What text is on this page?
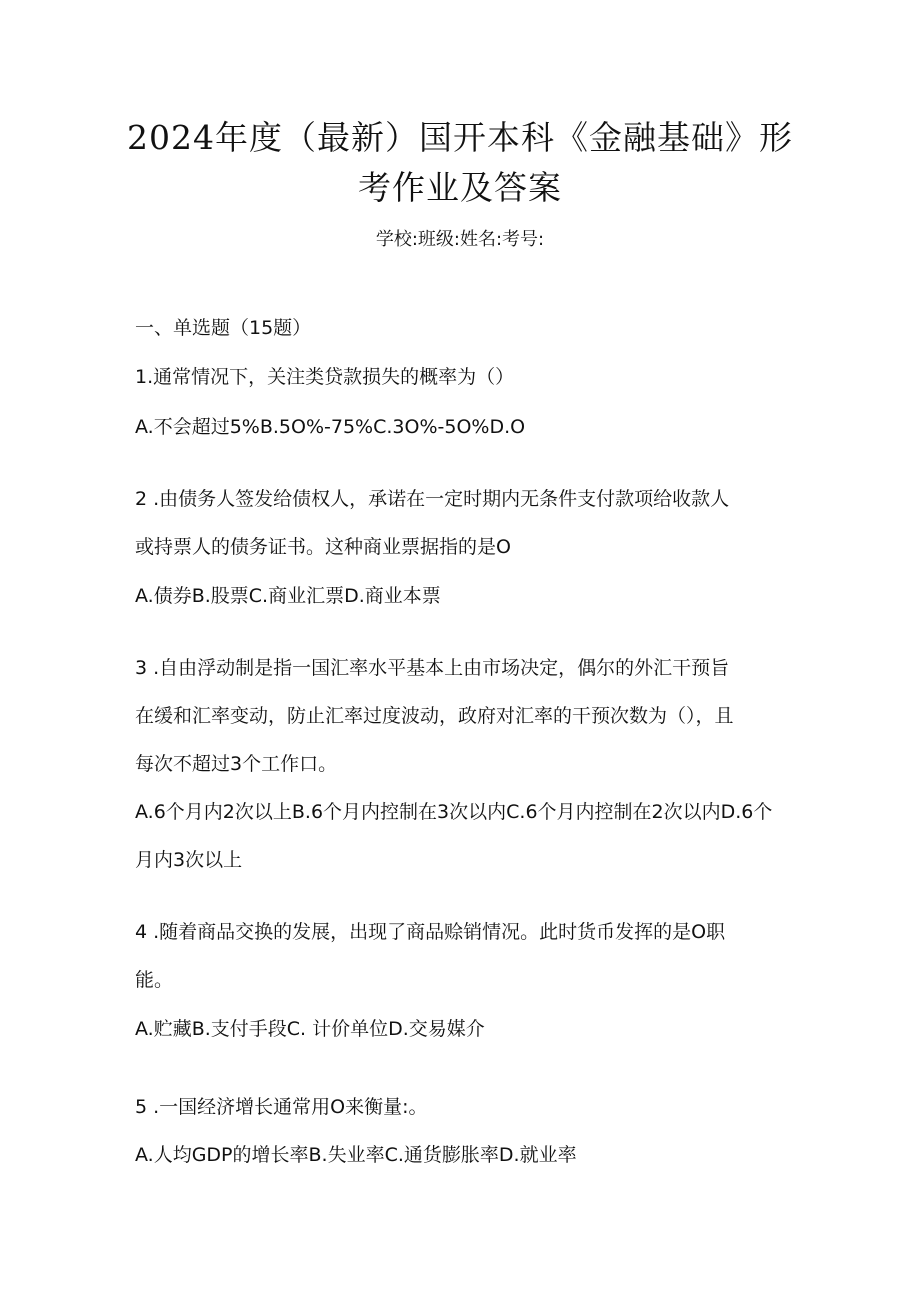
2024年度（最新）国开本科《金融基础》形
考作业及答案
学校:班级:姓名:考号:
一、单选题（15题）
1.通常情况下，关注类贷款损失的概率为（）
A.不会超过5%B.5O%-75%C.3O%-5O%D.O
2 .由债务人签发给债权人，承诺在一定时期内无条件支付款项给收款人
或持票人的债务证书。这种商业票据指的是O
A.债券B.股票C.商业汇票D.商业本票
3 .自由浮动制是指一国汇率水平基本上由市场决定，偶尔的外汇干预旨
在缓和汇率变动，防止汇率过度波动，政府对汇率的干预次数为（），且
每次不超过3个工作口。
A.6个月内2次以上B.6个月内控制在3次以内C.6个月内控制在2次以内D.6个
月内3次以上
4 .随着商品交换的发展，出现了商品赊销情况。此时货币发挥的是O职
能。
A.贮藏B.支付手段C. 计价单位D.交易媒介
5 .一国经济增长通常用O来衡量:。
A.人均GDP的增长率B.失业率C.通货膨胀率D.就业率
